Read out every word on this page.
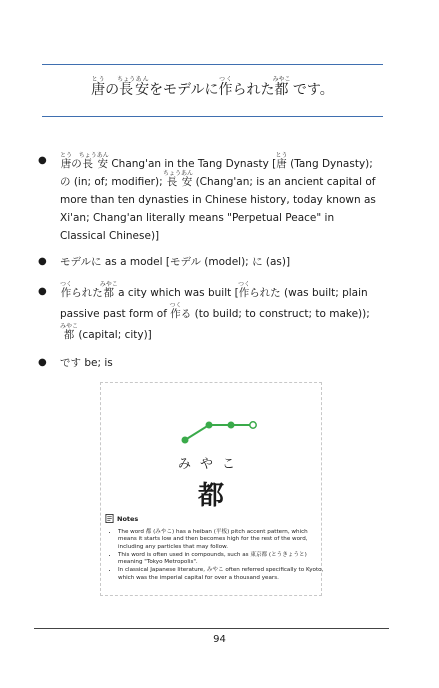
唐とうの長ちょう安あんをモデルに作つくられた都みやこ です。
● 唐とうの長ちょう安あん Chang'an in the Tang Dynasty [唐とう (Tang Dynasty); の (in; of; modifier); 長ちょう安あん (Chang'an; is an ancient capital of more than ten dynasties in Chinese history, today known as Xi'an; Chang'an literally means "Perpetual Peace" in Classical Chinese)]
● モデルに as a model [モデル (model); に (as)]
● 作つくられた都みやこ a city which was built [作つくられた (was built; plain passive past form of 作つくる (to build; to construct; to make)); 都みやこ (capital; city)]
● です be; is
みやこ
都
Notes
• The word 都 (みやこ) has a heiban (平板) pitch accent pattern, which means it starts low and then becomes high for the rest of the word, including any particles that may follow.
• This word is often used in compounds, such as 東京都 (とうきょうと) meaning "Tokyo Metropolis".
• In classical Japanese literature, みやこ often referred specifically to Kyoto, which was the imperial capital for over a thousand years.
94
